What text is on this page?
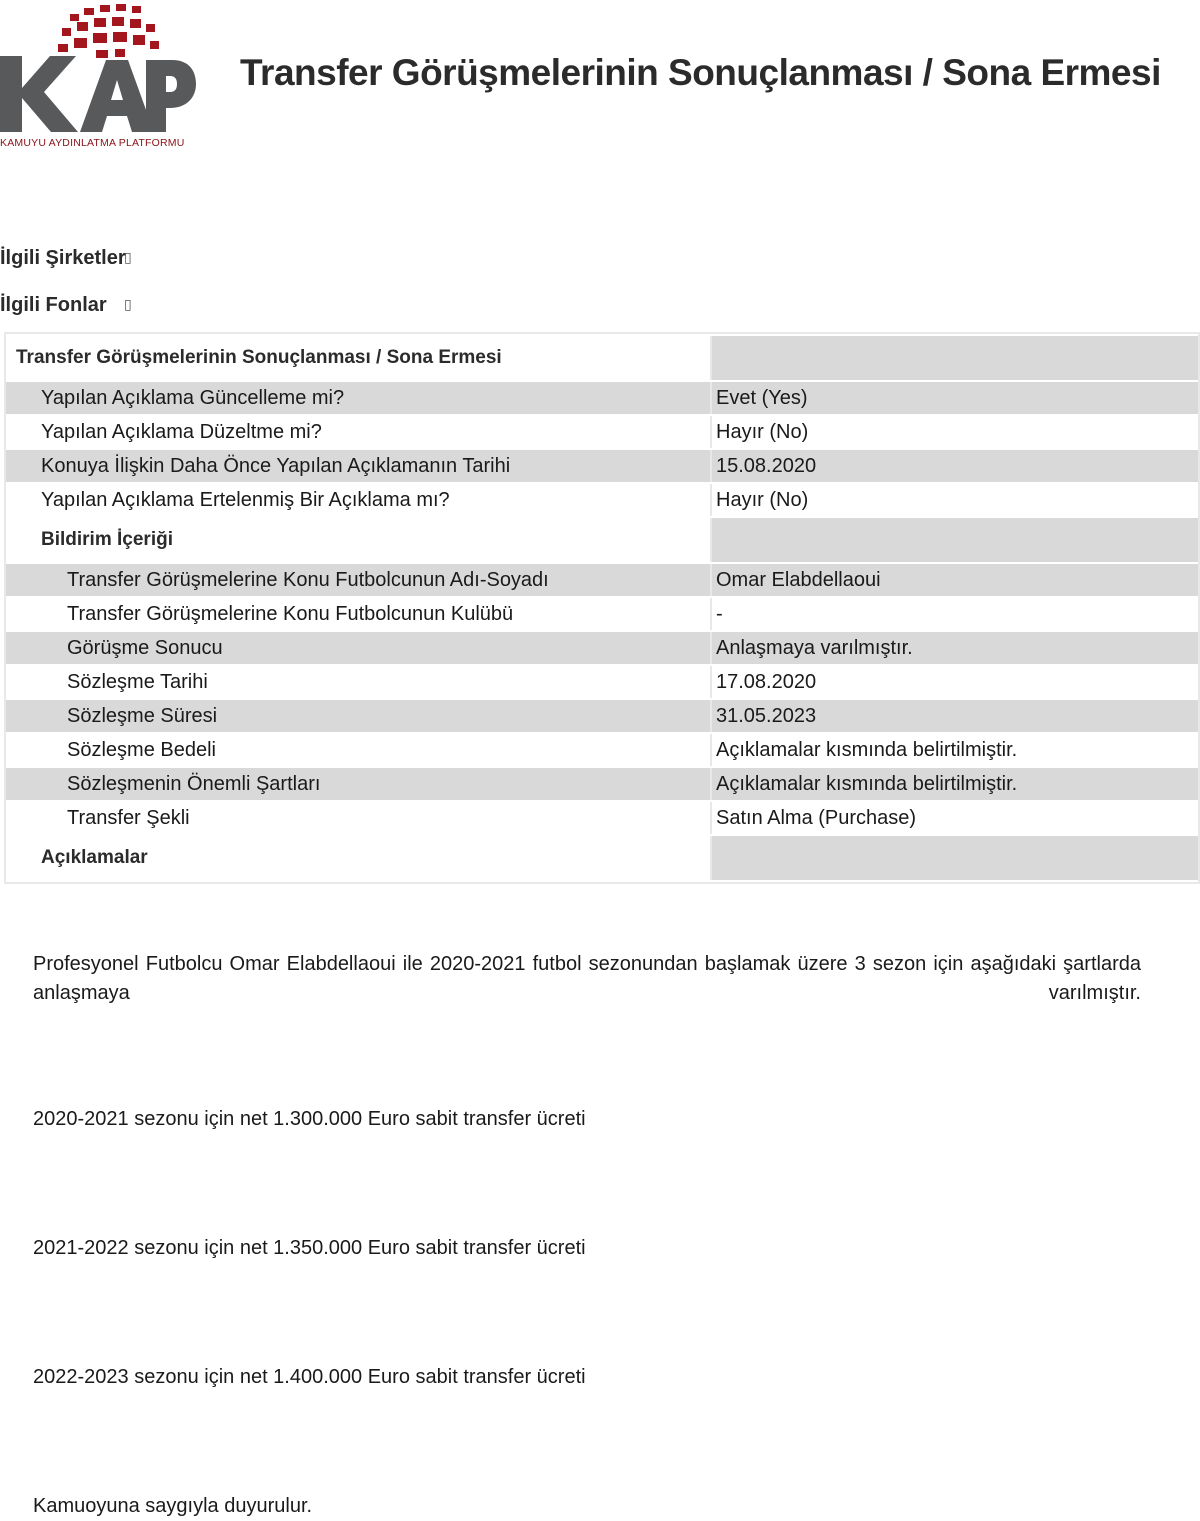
KAMUYU AYDINLATMA PLATFORMU
Transfer Görüşmelerinin Sonuçlanması / Sona Ermesi
İlgili Şirketler
▯
İlgili Fonlar ▯
Transfer Görüşmelerinin Sonuçlanması / Sona Ermesi	
Yapılan Açıklama Güncelleme mi?	Evet (Yes)
Yapılan Açıklama Düzeltme mi?	Hayır (No)
Konuya İlişkin Daha Önce Yapılan Açıklamanın Tarihi	15.08.2020
Yapılan Açıklama Ertelenmiş Bir Açıklama mı?	Hayır (No)
Bildirim İçeriği	
Transfer Görüşmelerine Konu Futbolcunun Adı-Soyadı	Omar Elabdellaoui
Transfer Görüşmelerine Konu Futbolcunun Kulübü	-
Görüşme Sonucu	Anlaşmaya varılmıştır.
Sözleşme Tarihi	17.08.2020
Sözleşme Süresi	31.05.2023
Sözleşme Bedeli	Açıklamalar kısmında belirtilmiştir.
Sözleşmenin Önemli Şartları	Açıklamalar kısmında belirtilmiştir.
Transfer Şekli	Satın Alma (Purchase)
Açıklamalar	
Profesyonel Futbolcu Omar Elabdellaoui ile 2020-2021 futbol sezonundan başlamak üzere 3 sezon için aşağıdaki şartlarda anlaşmaya varılmıştır.
2020-2021 sezonu için net 1.300.000 Euro sabit transfer ücreti
2021-2022 sezonu için net 1.350.000 Euro sabit transfer ücreti
2022-2023 sezonu için net 1.400.000 Euro sabit transfer ücreti
Kamuoyuna saygıyla duyurulur.
